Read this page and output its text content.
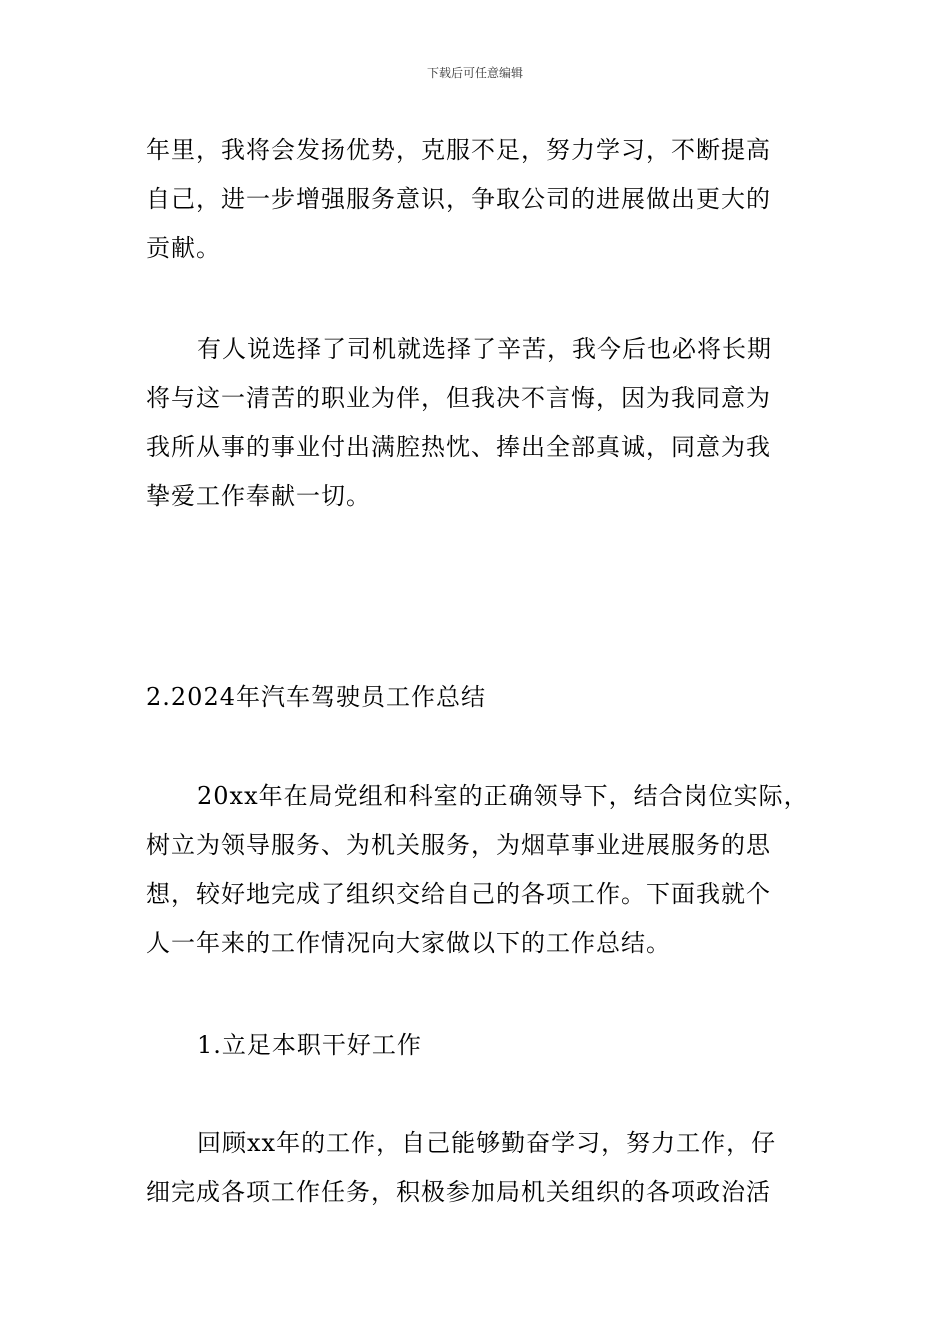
下载后可任意编辑
年里，我将会发扬优势，克服不足，努力学习，不断提高
自己，进一步增强服务意识，争取公司的进展做出更大的
贡献。
有人说选择了司机就选择了辛苦，我今后也必将长期
将与这一清苦的职业为伴，但我决不言悔，因为我同意为
我所从事的事业付出满腔热忱、捧出全部真诚，同意为我
挚爱工作奉献一切。
2.2024年汽车驾驶员工作总结
20xx年在局党组和科室的正确领导下，结合岗位实际，
树立为领导服务、为机关服务，为烟草事业进展服务的思
想，较好地完成了组织交给自己的各项工作。下面我就个
人一年来的工作情况向大家做以下的工作总结。
1.立足本职干好工作
回顾xx年的工作，自己能够勤奋学习，努力工作，仔
细完成各项工作任务，积极参加局机关组织的各项政治活
